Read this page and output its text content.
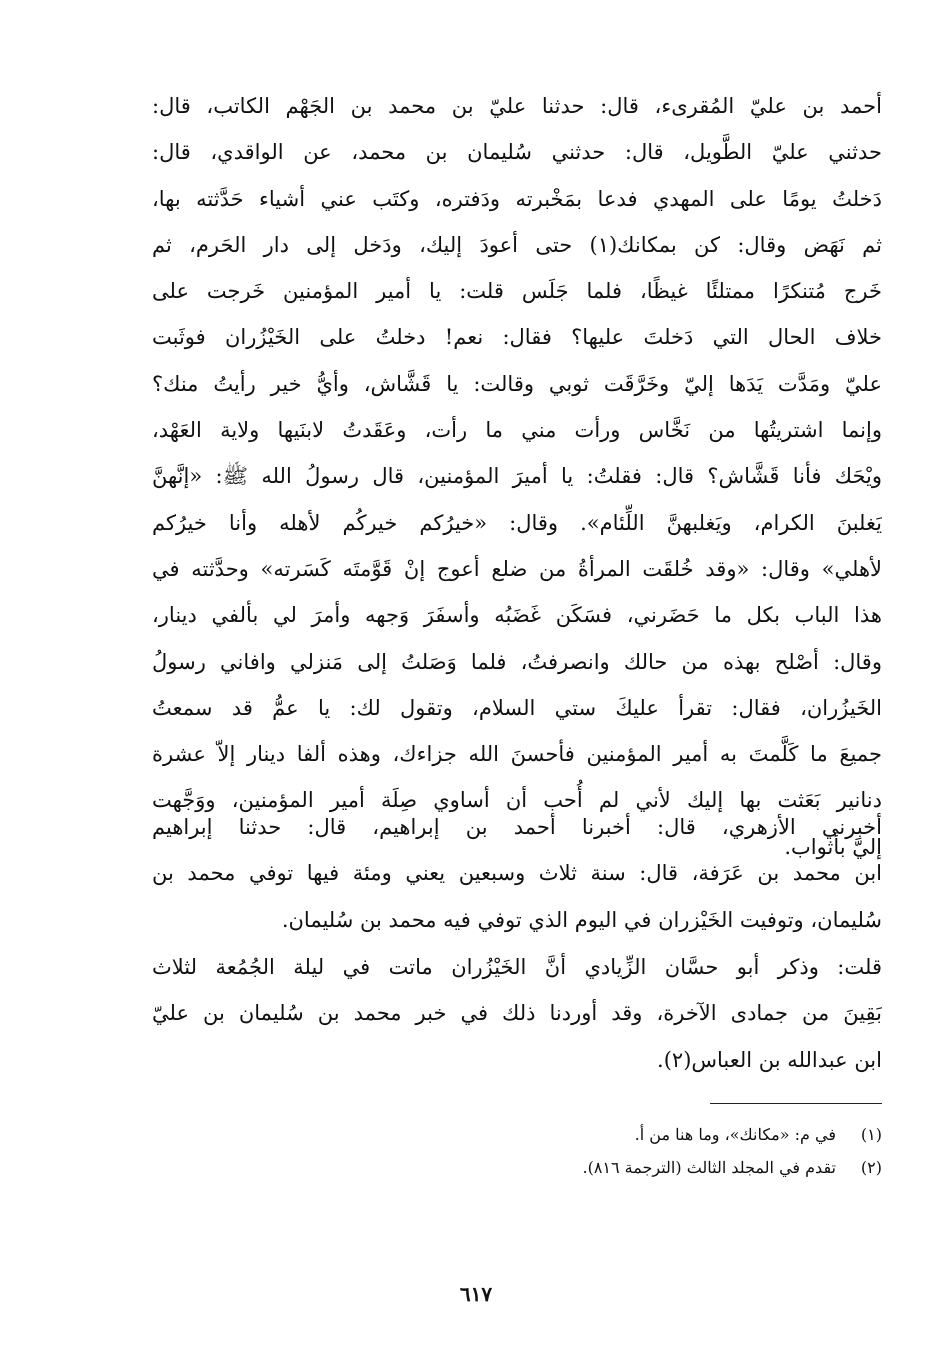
أحمد بن عليّ المُقرىء، قال: حدثنا عليّ بن محمد بن الجَهْم الكاتب، قال:
حدثني عليّ الطَّويل، قال: حدثني سُليمان بن محمد، عن الواقدي، قال:
دَخلتُ يومًا على المهدي فدعا بمَخْبرته ودَفتره، وكتَب عني أشياء حَدَّثته بها،
ثم نَهَض وقال: كن بمكانك(١) حتى أعودَ إليك، ودَخل إلى دار الحَرم، ثم
خَرج مُتنكرًا ممتلئًا غيظًا، فلما جَلَس قلت: يا أمير المؤمنين خَرجت على
خلاف الحال التي دَخلتَ عليها؟ فقال: نعم! دخلتُ على الخَيْزُران فوثَبت
عليّ ومَدَّت يَدَها إليّ وخَرَّقَت ثوبي وقالت: يا قَشَّاش، وأيُّ خير رأيتُ منك؟
وإنما اشتريتُها من نَخَّاس ورأت مني ما رأت، وعَقَدتُ لابنَيها ولاية العَهْد،
ويْحَك فأنا قَشَّاش؟ قال: فقلتُ: يا أميرَ المؤمنين، قال رسولُ الله ﷺ: «إنَّهنَّ
يَغلبنَ الكرام، ويَغلبهنَّ اللِّئام». وقال: «خيرُكم خيركُم لأهله وأنا خيرُكم
لأهلي» وقال: «وقد خُلقَت المرأةُ من ضلع أعوج إنْ قَوَّمتَه كَسَرته» وحدَّثته في
هذا الباب بكل ما حَضَرني، فسَكَن غَضَبُه وأسفَرَ وَجهه وأمرَ لي بألفي دينار،
وقال: أصْلح بهذه من حالك وانصرفتُ، فلما وَصَلتُ إلى مَنزلي وافاني رسولُ
الخَيزُران، فقال: تقرأ عليكَ ستي السلام، وتقول لك: يا عمُّ قد سمعتُ
جميعَ ما كَلَّمتَ به أمير المؤمنين فأحسنَ الله جزاءك، وهذه ألفا دينار إلاّ عشرة
دنانير بَعَثت بها إليك لأني لم أُحب أن أساوي صِلَة أمير المؤمنين، ووَجَّهت
إليَّ بأثواب.
أخبرني الأزهري، قال: أخبرنا أحمد بن إبراهيم، قال: حدثنا إبراهيم
ابن محمد بن عَرَفة، قال: سنة ثلاث وسبعين يعني ومئة فيها توفي محمد بن
سُليمان، وتوفيت الخَيْزران في اليوم الذي توفي فيه محمد بن سُليمان.
قلت: وذكر أبو حسَّان الزِّيادي أنَّ الخَيْزُران ماتت في ليلة الجُمُعة لثلاث
بَقِينَ من جمادى الآخرة، وقد أوردنا ذلك في خبر محمد بن سُليمان بن عليّ
ابن عبدالله بن العباس(٢).
(١)في م: «مكانك»، وما هنا من أ.
(٢)تقدم في المجلد الثالث (الترجمة ٨١٦).
٦١٧
